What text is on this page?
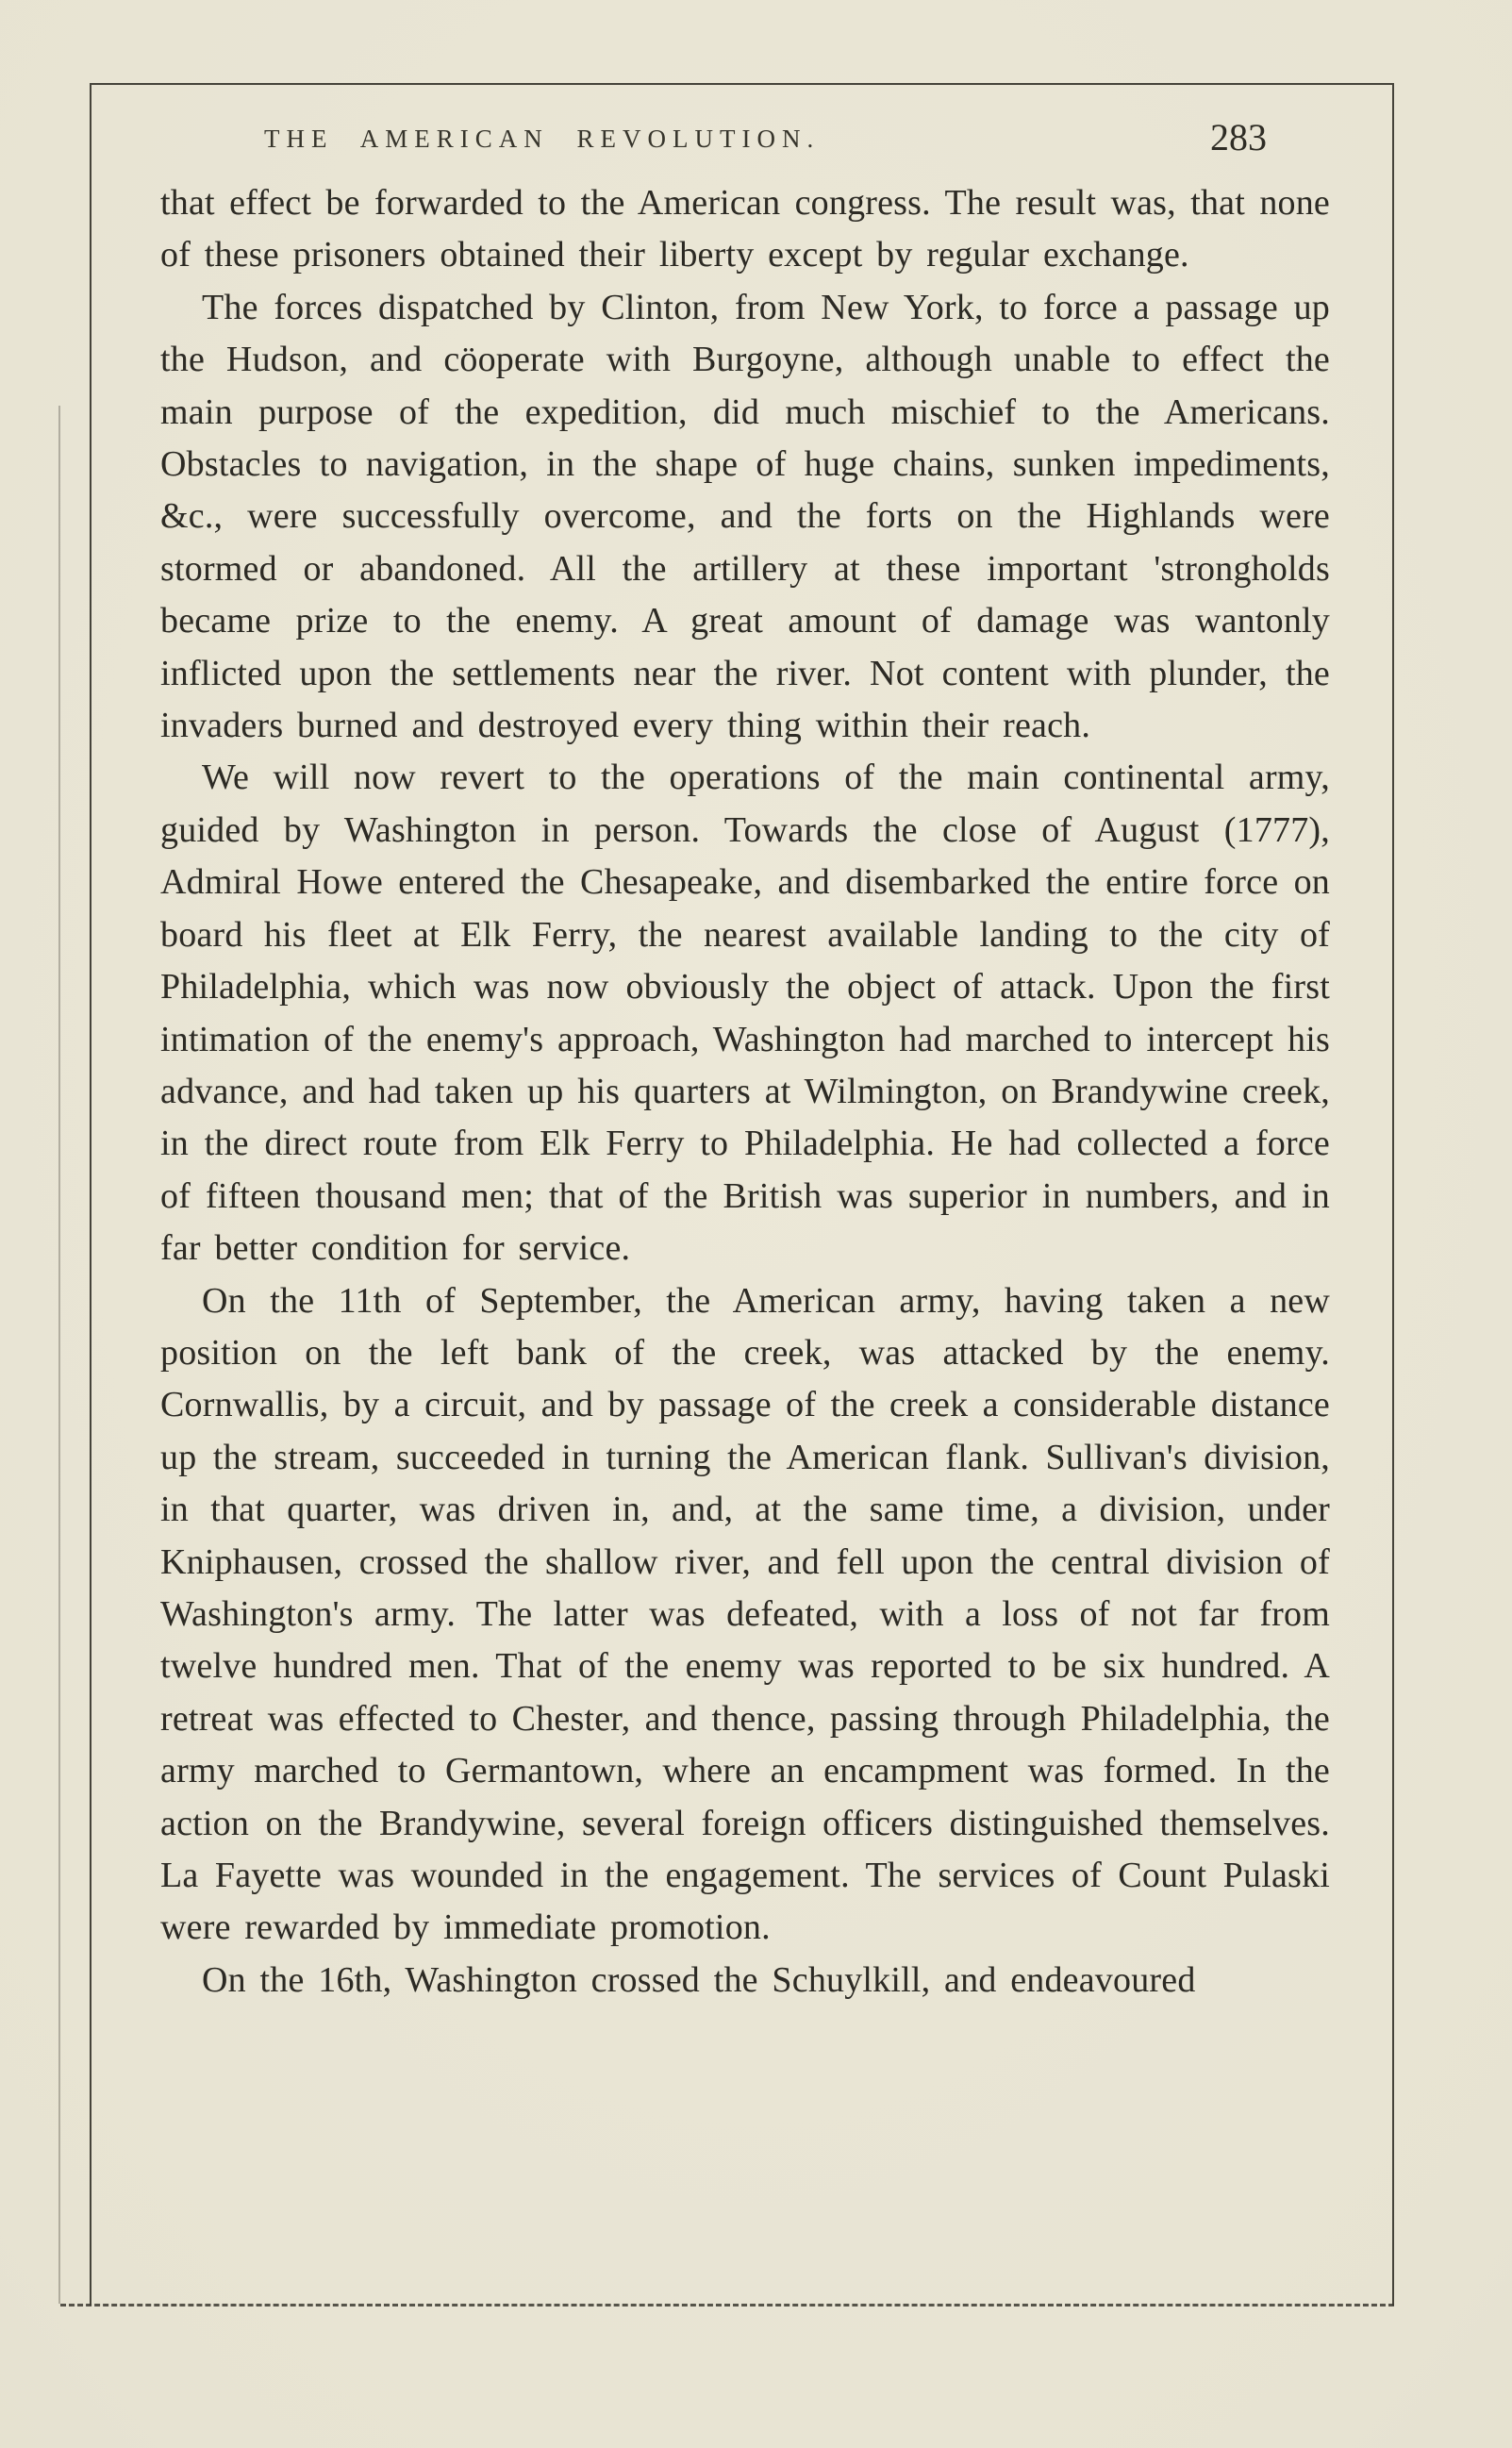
THE AMERICAN REVOLUTION.	283

that effect be forwarded to the American congress. The result was, that none of these prisoners obtained their liberty except by regular exchange.

The forces dispatched by Clinton, from New York, to force a passage up the Hudson, and cöoperate with Burgoyne, although unable to effect the main purpose of the expedition, did much mischief to the Americans. Obstacles to navigation, in the shape of huge chains, sunken impediments, &c., were successfully overcome, and the forts on the Highlands were stormed or abandoned. All the artillery at these important 'strongholds became prize to the enemy. A great amount of damage was wantonly inflicted upon the settlements near the river. Not content with plunder, the invaders burned and destroyed every thing within their reach.

We will now revert to the operations of the main continental army, guided by Washington in person. Towards the close of August (1777), Admiral Howe entered the Chesapeake, and disembarked the entire force on board his fleet at Elk Ferry, the nearest available landing to the city of Philadelphia, which was now obviously the object of attack. Upon the first intimation of the enemy's approach, Washington had marched to intercept his advance, and had taken up his quarters at Wilmington, on Brandywine creek, in the direct route from Elk Ferry to Philadelphia. He had collected a force of fifteen thousand men; that of the British was superior in numbers, and in far better condition for service.

On the 11th of September, the American army, having taken a new position on the left bank of the creek, was attacked by the enemy. Cornwallis, by a circuit, and by passage of the creek a considerable distance up the stream, succeeded in turning the American flank. Sullivan's division, in that quarter, was driven in, and, at the same time, a division, under Kniphausen, crossed the shallow river, and fell upon the central division of Washington's army. The latter was defeated, with a loss of not far from twelve hundred men. That of the enemy was reported to be six hundred. A retreat was effected to Chester, and thence, passing through Philadelphia, the army marched to Germantown, where an encampment was formed. In the action on the Brandywine, several foreign officers distinguished themselves. La Fayette was wounded in the engagement. The services of Count Pulaski were rewarded by immediate promotion.

On the 16th, Washington crossed the Schuylkill, and endeavoured
